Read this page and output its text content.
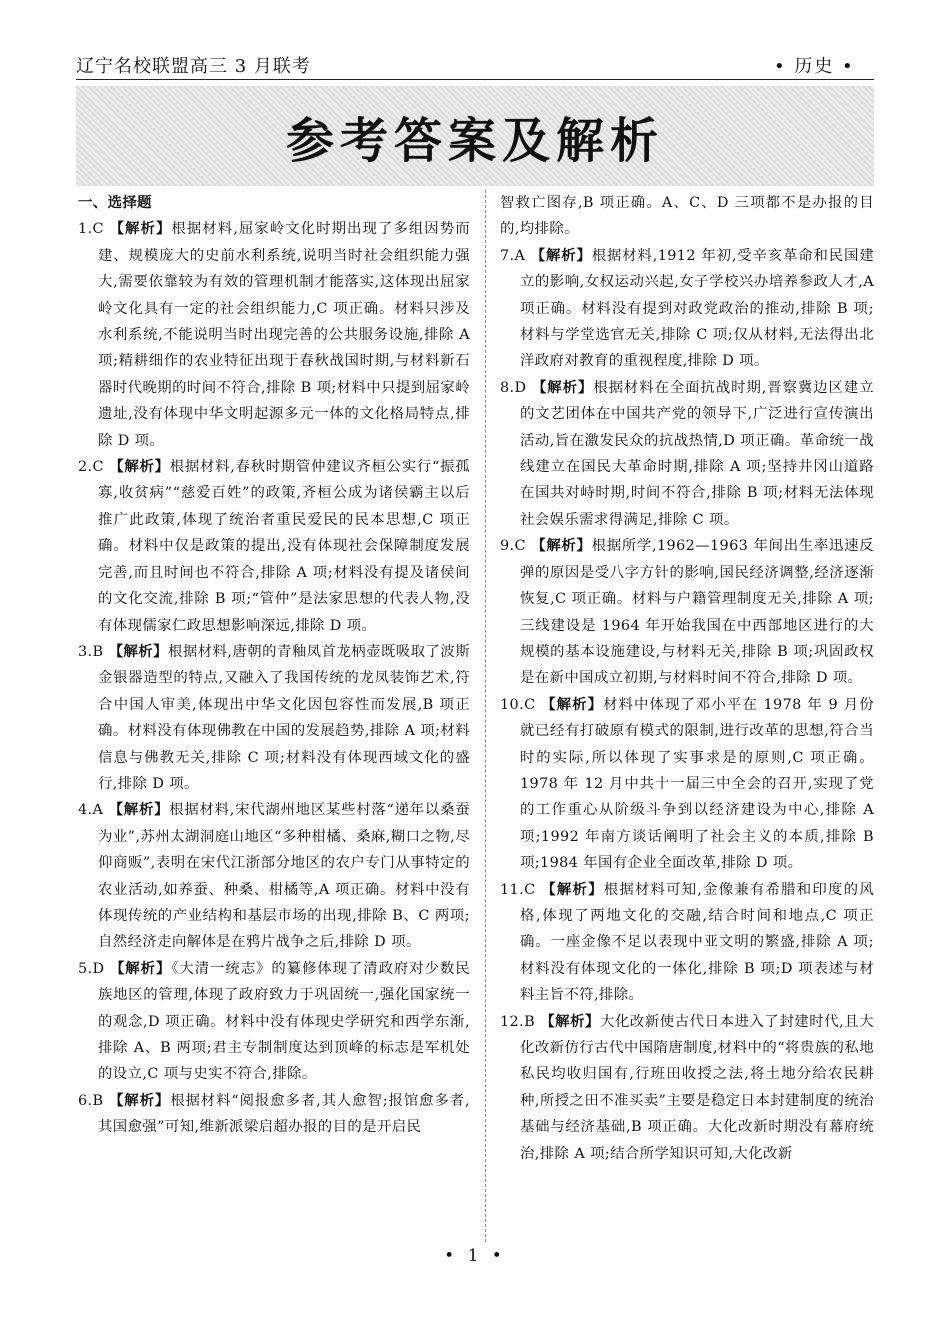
辽宁名校联盟高三 3 月联考	• 历史 •
参考答案及解析

一、选择题

1.C 【解析】根据材料,屈家岭文化时期出现了多组因势而建、规模庞大的史前水利系统,说明当时社会组织能力强大,需要依靠较为有效的管理机制才能落实,这体现出屈家岭文化具有一定的社会组织能力,C 项正确。材料只涉及水利系统,不能说明当时出现完善的公共服务设施,排除 A 项;精耕细作的农业特征出现于春秋战国时期,与材料新石器时代晚期的时间不符合,排除 B 项;材料中只提到屈家岭遗址,没有体现中华文明起源多元一体的文化格局特点,排除 D 项。

2.C 【解析】根据材料,春秋时期管仲建议齐桓公实行“振孤寡,收贫病”“慈爱百姓”的政策,齐桓公成为诸侯霸主以后推广此政策,体现了统治者重民爱民的民本思想,C 项正确。材料中仅是政策的提出,没有体现社会保障制度发展完善,而且时间也不符合,排除 A 项;材料没有提及诸侯间的文化交流,排除 B 项;“管仲”是法家思想的代表人物,没有体现儒家仁政思想影响深远,排除 D 项。

3.B 【解析】根据材料,唐朝的青釉凤首龙柄壶既吸取了波斯金银器造型的特点,又融入了我国传统的龙凤装饰艺术,符合中国人审美,体现出中华文化因包容性而发展,B 项正确。材料没有体现佛教在中国的发展趋势,排除 A 项;材料信息与佛教无关,排除 C 项;材料没有体现西域文化的盛行,排除 D 项。

4.A 【解析】根据材料,宋代湖州地区某些村落“递年以桑蚕为业”,苏州太湖洞庭山地区“多种柑橘、桑麻,糊口之物,尽仰商贩”,表明在宋代江浙部分地区的农户专门从事特定的农业活动,如养蚕、种桑、柑橘等,A 项正确。材料中没有体现传统的产业结构和基层市场的出现,排除 B、C 两项;自然经济走向解体是在鸦片战争之后,排除 D 项。

5.D 【解析】《大清一统志》的纂修体现了清政府对少数民族地区的管理,体现了政府致力于巩固统一,强化国家统一的观念,D 项正确。材料中没有体现史学研究和西学东渐,排除 A、B 两项;君主专制制度达到顶峰的标志是军机处的设立,C 项与史实不符合,排除。

6.B 【解析】根据材料“阅报愈多者,其人愈智;报馆愈多者,其国愈强”可知,维新派梁启超办报的目的是开启民

智救亡图存,B 项正确。A、C、D 三项都不是办报的目的,均排除。

7.A 【解析】根据材料,1912 年初,受辛亥革命和民国建立的影响,女权运动兴起,女子学校兴办培养参政人才,A 项正确。材料没有提到对政党政治的推动,排除 B 项;材料与学堂选官无关,排除 C 项;仅从材料,无法得出北洋政府对教育的重视程度,排除 D 项。

8.D 【解析】根据材料在全面抗战时期,晋察冀边区建立的文艺团体在中国共产党的领导下,广泛进行宣传演出活动,旨在激发民众的抗战热情,D 项正确。革命统一战线建立在国民大革命时期,排除 A 项;坚持井冈山道路在国共对峙时期,时间不符合,排除 B 项;材料无法体现社会娱乐需求得满足,排除 C 项。

9.C 【解析】根据所学,1962—1963 年间出生率迅速反弹的原因是受八字方针的影响,国民经济调整,经济逐渐恢复,C 项正确。材料与户籍管理制度无关,排除 A 项;三线建设是 1964 年开始我国在中西部地区进行的大规模的基本设施建设,与材料无关,排除 B 项;巩固政权是在新中国成立初期,与材料时间不符合,排除 D 项。

10.C 【解析】材料中体现了邓小平在 1978 年 9 月份就已经有打破原有模式的限制,进行改革的思想,符合当时的实际,所以体现了实事求是的原则,C 项正确。1978 年 12 月中共十一届三中全会的召开,实现了党的工作重心从阶级斗争到以经济建设为中心,排除 A 项;1992 年南方谈话阐明了社会主义的本质,排除 B 项;1984 年国有企业全面改革,排除 D 项。

11.C 【解析】根据材料可知,金像兼有希腊和印度的风格,体现了两地文化的交融,结合时间和地点,C 项正确。一座金像不足以表现中亚文明的繁盛,排除 A 项;材料没有体现文化的一体化,排除 B 项;D 项表述与材料主旨不符,排除。

12.B 【解析】大化改新使古代日本进入了封建时代,且大化改新仿行古代中国隋唐制度,材料中的“将贵族的私地私民均收归国有,行班田收授之法,将土地分给农民耕种,所授之田不准买卖”主要是稳定日本封建制度的统治基础与经济基础,B 项正确。大化改新时期没有幕府统治,排除 A 项;结合所学知识可知,大化改新

• 1 •
